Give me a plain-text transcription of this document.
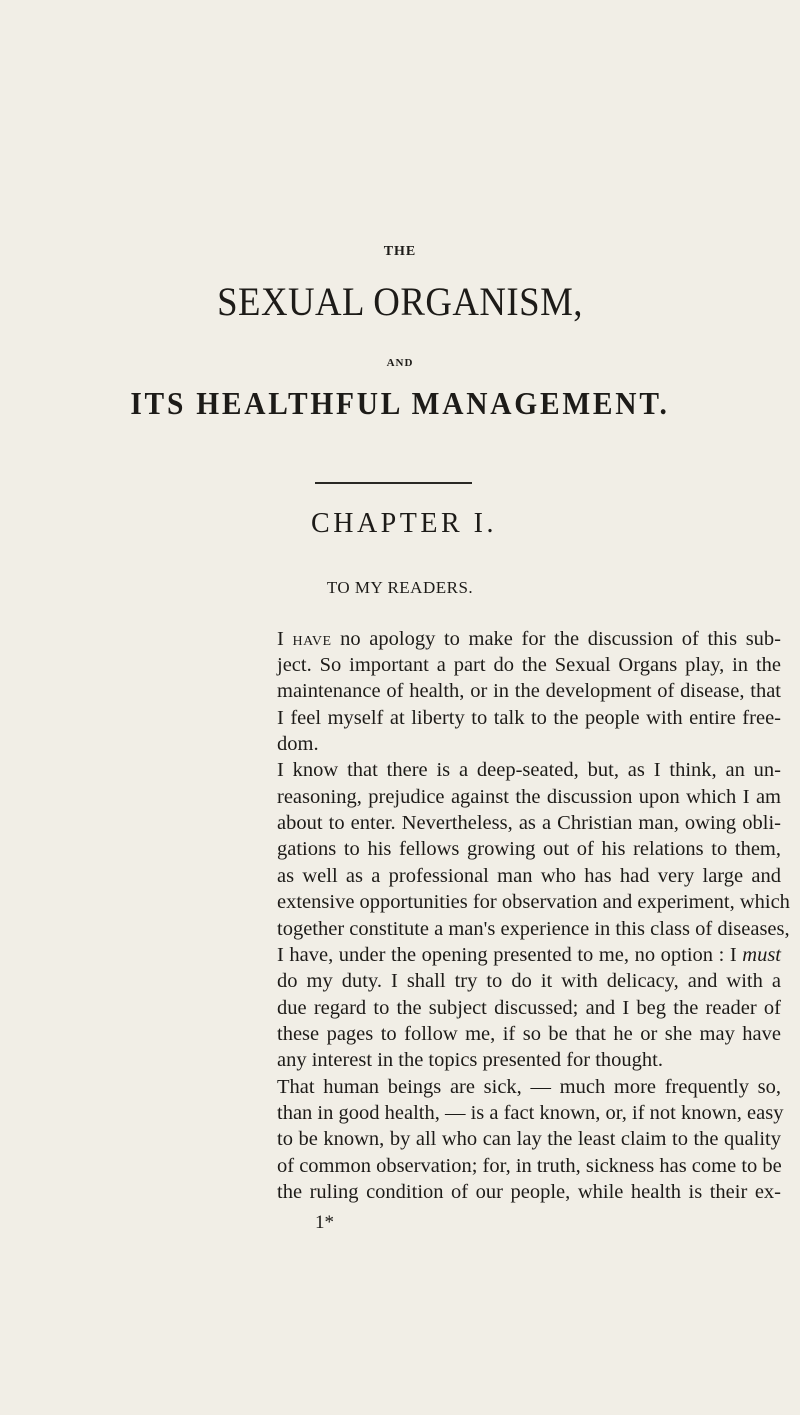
THE
SEXUAL ORGANISM,
AND
ITS HEALTHFUL MANAGEMENT.
CHAPTER I.
TO MY READERS.
I have no apology to make for the discussion of this sub-
ject. So important a part do the Sexual Organs play, in the
maintenance of health, or in the development of disease, that
I feel myself at liberty to talk to the people with entire free-
dom.
I know that there is a deep-seated, but, as I think, an un-
reasoning, prejudice against the discussion upon which I am
about to enter. Nevertheless, as a Christian man, owing obli-
gations to his fellows growing out of his relations to them,
as well as a professional man who has had very large and
extensive opportunities for observation and experiment, which
together constitute a man's experience in this class of diseases,
I have, under the opening presented to me, no option : I must
do my duty. I shall try to do it with delicacy, and with a
due regard to the subject discussed; and I beg the reader of
these pages to follow me, if so be that he or she may have
any interest in the topics presented for thought.
That human beings are sick, — much more frequently so,
than in good health, — is a fact known, or, if not known, easy
to be known, by all who can lay the least claim to the quality
of common observation; for, in truth, sickness has come to be
the ruling condition of our people, while health is their ex-
1*
